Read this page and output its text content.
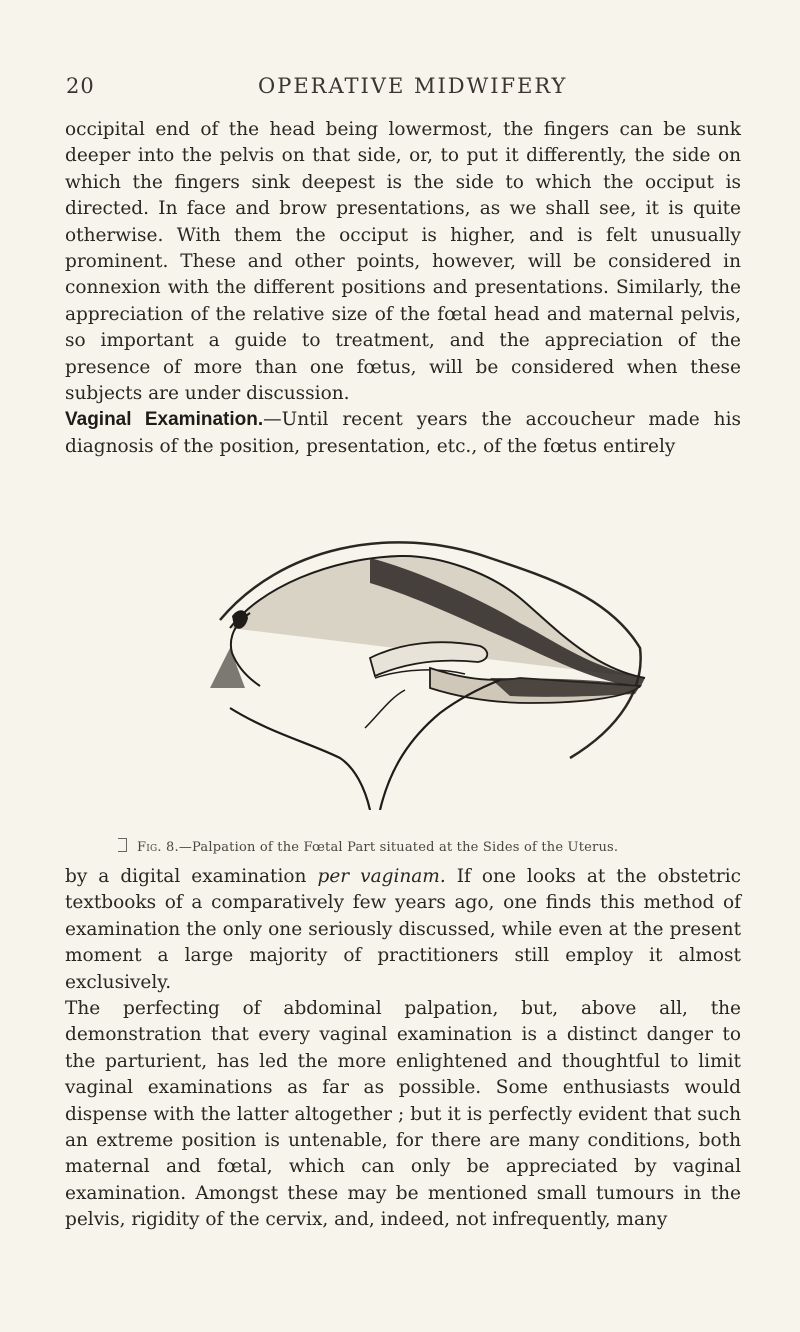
20	OPERATIVE MIDWIFERY

occipital end of the head being lowermost, the fingers can be sunk deeper into the pelvis on that side, or, to put it differently, the side on which the fingers sink deepest is the side to which the occiput is directed. In face and brow presentations, as we shall see, it is quite otherwise. With them the occiput is higher, and is felt unusually prominent. These and other points, however, will be considered in connexion with the different positions and presentations. Similarly, the appreciation of the relative size of the fœtal head and maternal pelvis, so important a guide to treatment, and the appreciation of the presence of more than one fœtus, will be considered when these subjects are under discussion.

Vaginal Examination.—Until recent years the accoucheur made his diagnosis of the position, presentation, etc., of the fœtus entirely

Fig. 8.—Palpation of the Fœtal Part situated at the Sides of the Uterus.

by a digital examination per vaginam. If one looks at the obstetric textbooks of a comparatively few years ago, one finds this method of examination the only one seriously discussed, while even at the present moment a large majority of practitioners still employ it almost exclusively.

The perfecting of abdominal palpation, but, above all, the demonstration that every vaginal examination is a distinct danger to the parturient, has led the more enlightened and thoughtful to limit vaginal examinations as far as possible. Some enthusiasts would dispense with the latter altogether ; but it is perfectly evident that such an extreme position is untenable, for there are many conditions, both maternal and fœtal, which can only be appreciated by vaginal examination. Amongst these may be mentioned small tumours in the pelvis, rigidity of the cervix, and, indeed, not infrequently, many
